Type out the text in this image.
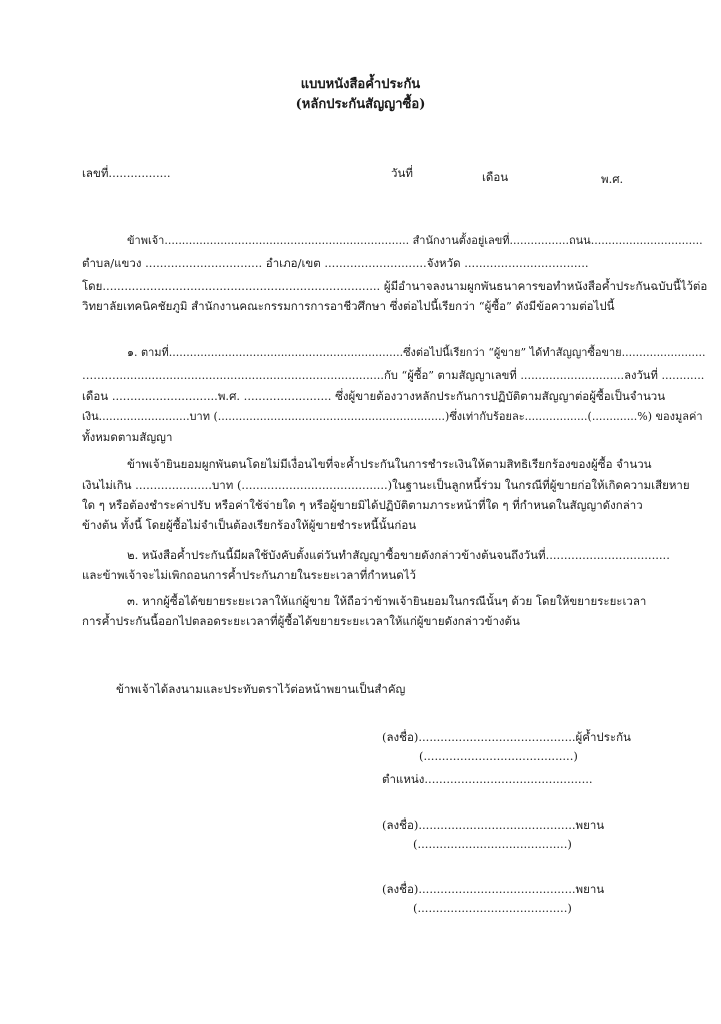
แบบหนังสือค้ำประกัน
(หลักประกันสัญญาซื้อ)
เลขที่.................	วันที่	เดือน	พ.ศ.
ข้าพเจ้า...................................................................... สำนักงานตั้งอยู่เลขที่.................ถนน................................
ตำบล/แขวง ................................ อำเภอ/เขต ............................จังหวัด ..................................
โดย............................................................................ ผู้มีอำนาจลงนามผูกพันธนาคารขอทำหนังสือค้ำประกันฉบับนี้ไว้ต่อ
วิทยาลัยเทคนิคชัยภูมิ สำนักงานคณะกรรมการการอาชีวศึกษา ซึ่งต่อไปนี้เรียกว่า “ผู้ซื้อ” ดังมีข้อความต่อไปนี้
๑. ตามที่...................................................................ซึ่งต่อไปนี้เรียกว่า “ผู้ขาย” ได้ทำสัญญาซื้อขาย........................
………...........................................................................กับ “ผู้ซื้อ” ตามสัญญาเลขที่ .............................ลงวันที่ ............
เดือน .............................พ.ศ. ........................ ซึ่งผู้ขายต้องวางหลักประกันการปฏิบัติตามสัญญาต่อผู้ซื้อเป็นจำนวน
เงิน..........................บาท (.................................................................)ซึ่งเท่ากับร้อยละ..................(.............%) ของมูลค่า
ทั้งหมดตามสัญญา
ข้าพเจ้ายินยอมผูกพันตนโดยไม่มีเงื่อนไขที่จะค้ำประกันในการชำระเงินให้ตามสิทธิเรียกร้องของผู้ซื้อ จำนวน
เงินไม่เกิน .....................บาท (........................................)ในฐานะเป็นลูกหนี้ร่วม ในกรณีที่ผู้ขายก่อให้เกิดความเสียหาย
ใด ๆ หรือต้องชำระค่าปรับ หรือค่าใช้จ่ายใด ๆ หรือผู้ขายมิได้ปฏิบัติตามภาระหน้าที่ใด ๆ ที่กำหนดในสัญญาดังกล่าว
ข้างต้น ทั้งนี้ โดยผู้ซื้อไม่จำเป็นต้องเรียกร้องให้ผู้ขายชำระหนี้นั้นก่อน
๒. หนังสือค้ำประกันนี้มีผลใช้บังคับตั้งแต่วันทำสัญญาซื้อขายดังกล่าวข้างต้นจนถึงวันที่..................................
และข้าพเจ้าจะไม่เพิกถอนการค้ำประกันภายในระยะเวลาที่กำหนดไว้
๓. หากผู้ซื้อได้ขยายระยะเวลาให้แก่ผู้ขาย ให้ถือว่าข้าพเจ้ายินยอมในกรณีนั้นๆ ด้วย โดยให้ขยายระยะเวลา
การค้ำประกันนี้ออกไปตลอดระยะเวลาที่ผู้ซื้อได้ขยายระยะเวลาให้แก่ผู้ขายดังกล่าวข้างต้น
ข้าพเจ้าได้ลงนามและประทับตราไว้ต่อหน้าพยานเป็นสำคัญ
(ลงชื่อ)...........................................ผู้ค้ำประกัน
(.........................................)
ตำแหน่ง..............................................
(ลงชื่อ)...........................................พยาน
(.........................................)
(ลงชื่อ)...........................................พยาน
(.........................................)
